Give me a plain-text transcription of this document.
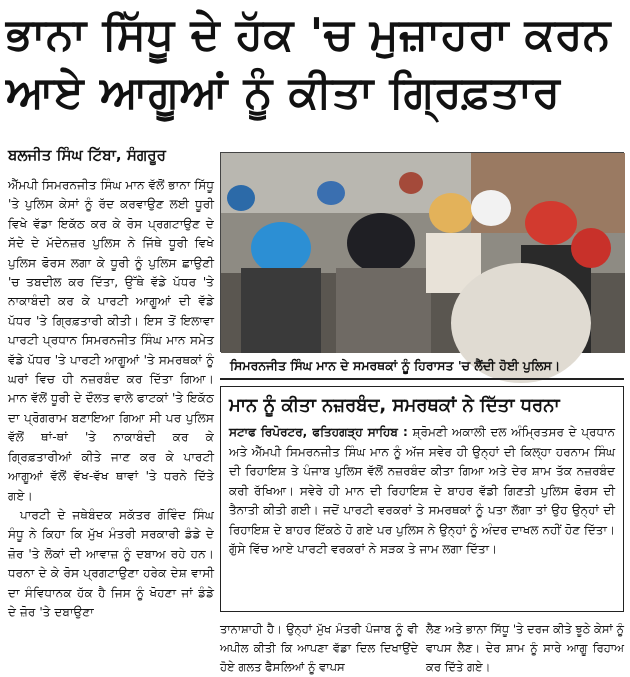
ਭਾਨਾ ਸਿੱਧੂ ਦੇ ਹੱਕ 'ਚ ਮੁਜ਼ਾਹਰਾ ਕਰਨ
ਆਏ ਆਗੂਆਂ ਨੂੰ ਕੀਤਾ ਗ੍ਰਿਫ਼ਤਾਰ
ਬਲਜੀਤ ਸਿੰਘ ਟਿੱਬਾ, ਸੰਗਰੂਰ

ਐੱਮਪੀ ਸਿਮਰਨਜੀਤ ਸਿੰਘ ਮਾਨ ਵੱਲੋਂ ਭਾਨਾ ਸਿੱਧੂ 'ਤੇ ਪੁਲਿਸ ਕੇਸਾਂ ਨੂੰ ਰੱਦ ਕਰਵਾਉਣ ਲਈ ਧੂਰੀ ਵਿਖੇ ਵੱਡਾ ਇਕੱਠ ਕਰ ਕੇ ਰੋਸ ਪ੍ਰਗਟਾਉਣ ਦੇ ਸੱਦੇ ਦੇ ਮੱਦੇਨਜ਼ਰ ਪੁਲਿਸ ਨੇ ਜਿੱਥੇ ਧੂਰੀ ਵਿਖੇ ਪੁਲਿਸ ਫੋਰਸ ਲਗਾ ਕੇ ਧੂਰੀ ਨੂੰ ਪੁਲਿਸ ਛਾਉਣੀ 'ਚ ਤਬਦੀਲ ਕਰ ਦਿੱਤਾ, ਉੱਥੇ ਵੱਡੇ ਪੱਧਰ 'ਤੇ ਨਾਕਾਬੰਦੀ ਕਰ ਕੇ ਪਾਰਟੀ ਆਗੂਆਂ ਦੀ ਵੱਡੇ ਪੱਧਰ 'ਤੇ ਗ੍ਰਿਫ਼ਤਾਰੀ ਕੀਤੀ। ਇਸ ਤੋਂ ਇਲਾਵਾ ਪਾਰਟੀ ਪ੍ਰਧਾਨ ਸਿਮਰਨਜੀਤ ਸਿੰਘ ਮਾਨ ਸਮੇਤ ਵੱਡੇ ਪੱਧਰ 'ਤੇ ਪਾਰਟੀ ਆਗੂਆਂ 'ਤੇ ਸਮਰਥਕਾਂ ਨੂੰ ਘਰਾਂ ਵਿਚ ਹੀ ਨਜ਼ਰਬੰਦ ਕਰ ਦਿੱਤਾ ਗਿਆ। ਮਾਨ ਵੱਲੋਂ ਧੂਰੀ ਦੇ ਦੌਲਤ ਵਾਲੇ ਫਾਟਕਾਂ 'ਤੇ ਇਕੱਠ ਦਾ ਪ੍ਰੋਗਰਾਮ ਬਣਾਇਆ ਗਿਆ ਸੀ ਪਰ ਪੁਲਿਸ ਵੱਲੋਂ ਥਾਂ-ਥਾਂ 'ਤੇ ਨਾਕਾਬੰਦੀ ਕਰ ਕੇ ਗ੍ਰਿਫ਼ਤਾਰੀਆਂ ਕੀਤੇ ਜਾਣ ਕਰ ਕੇ ਪਾਰਟੀ ਆਗੂਆਂ ਵੱਲੋਂ ਵੱਖ-ਵੱਖ ਥਾਵਾਂ 'ਤੇ ਧਰਨੇ ਦਿੱਤੇ ਗਏ।

ਪਾਰਟੀ ਦੇ ਜਥੇਬੰਦਕ ਸਕੱਤਰ ਗੋਵਿੰਦ ਸਿੰਘ ਸੰਧੂ ਨੇ ਕਿਹਾ ਕਿ ਮੁੱਖ ਮੰਤਰੀ ਸਰਕਾਰੀ ਡੰਡੇ ਦੇ ਜ਼ੋਰ 'ਤੇ ਲੋਕਾਂ ਦੀ ਆਵਾਜ਼ ਨੂੰ ਦਬਾਅ ਰਹੇ ਹਨ। ਧਰਨਾ ਦੇ ਕੇ ਰੋਸ ਪ੍ਰਗਟਾਉਣਾ ਹਰੇਕ ਦੇਸ਼ ਵਾਸੀ ਦਾ ਸੰਵਿਧਾਨਕ ਹੱਕ ਹੈ ਜਿਸ ਨੂੰ ਖੋਹਣਾ ਜਾਂ ਡੰਡੇ ਦੇ ਜ਼ੋਰ 'ਤੇ ਦਬਾਉਣਾ

ਸਿਮਰਨਜੀਤ ਸਿੰਘ ਮਾਨ ਦੇ ਸਮਰਥਕਾਂ ਨੂੰ ਹਿਰਾਸਤ 'ਚ ਲੈਂਦੀ ਹੋਈ ਪੁਲਿਸ।
ਮਾਨ ਨੂੰ ਕੀਤਾ ਨਜ਼ਰਬੰਦ, ਸਮਰਥਕਾਂ ਨੇ ਦਿੱਤਾ ਧਰਨਾ
ਸਟਾਫ ਰਿਪੋਰਟਰ, ਫਤਿਹਗੜ੍ਹ ਸਾਹਿਬ : ਸ਼੍ਰੋਮਣੀ ਅਕਾਲੀ ਦਲ ਅੰਮ੍ਰਿਤਸਰ ਦੇ ਪ੍ਰਧਾਨ ਅਤੇ ਐੱਮਪੀ ਸਿਮਰਨਜੀਤ ਸਿੰਘ ਮਾਨ ਨੂੰ ਅੱਜ ਸਵੇਰ ਹੀ ਉਨ੍ਹਾਂ ਦੀ ਕਿਲ੍ਹਾ ਹਰਨਾਮ ਸਿੰਘ ਦੀ ਰਿਹਾਇਸ਼ ਤੇ ਪੰਜਾਬ ਪੁਲਿਸ ਵੱਲੋਂ ਨਜ਼ਰਬੰਦ ਕੀਤਾ ਗਿਆ ਅਤੇ ਦੇਰ ਸ਼ਾਮ ਤੱਕ ਨਜ਼ਰਬੰਦ ਕਰੀ ਰੱਖਿਆ। ਸਵੇਰੇ ਹੀ ਮਾਨ ਦੀ ਰਿਹਾਇਸ਼ ਦੇ ਬਾਹਰ ਵੱਡੀ ਗਿਣਤੀ ਪੁਲਿਸ ਫੋਰਸ ਦੀ ਤੈਨਾਤੀ ਕੀਤੀ ਗਈ। ਜਦੋਂ ਪਾਰਟੀ ਵਰਕਰਾਂ ਤੇ ਸਮਰਥਕਾਂ ਨੂੰ ਪਤਾ ਲੱਗਾ ਤਾਂ ਉਹ ਉਨ੍ਹਾਂ ਦੀ ਰਿਹਾਇਸ਼ ਦੇ ਬਾਹਰ ਇੱਕਠੇ ਹੋ ਗਏ ਪਰ ਪੁਲਿਸ ਨੇ ਉਨ੍ਹਾਂ ਨੂੰ ਅੰਦਰ ਦਾਖਲ ਨਹੀਂ ਹੋਣ ਦਿੱਤਾ। ਗੁੱਸੇ ਵਿੱਚ ਆਏ ਪਾਰਟੀ ਵਰਕਰਾਂ ਨੇ ਸੜਕ ਤੇ ਜਾਮ ਲਗਾ ਦਿੱਤਾ।
ਤਾਨਾਸ਼ਾਹੀ ਹੈ। ਉਨ੍ਹਾਂ ਮੁੱਖ ਮੰਤਰੀ ਪੰਜਾਬ ਨੂੰ ਵੀ ਅਪੀਲ ਕੀਤੀ ਕਿ ਆਪਣਾ ਵੱਡਾ ਦਿਲ ਦਿਖਾਉਂਦੇ ਹੋਏ ਗਲਤ ਫੈਸਲਿਆਂ ਨੂੰ ਵਾਪਸ
ਲੈਣ ਅਤੇ ਭਾਨਾ ਸਿੱਧੂ 'ਤੇ ਦਰਜ ਕੀਤੇ ਝੂਠੇ ਕੇਸਾਂ ਨੂੰ ਵਾਪਸ ਲੈਣ। ਦੇਰ ਸ਼ਾਮ ਨੂੰ ਸਾਰੇ ਆਗੂ ਰਿਹਾਅ ਕਰ ਦਿੱਤੇ ਗਏ।
